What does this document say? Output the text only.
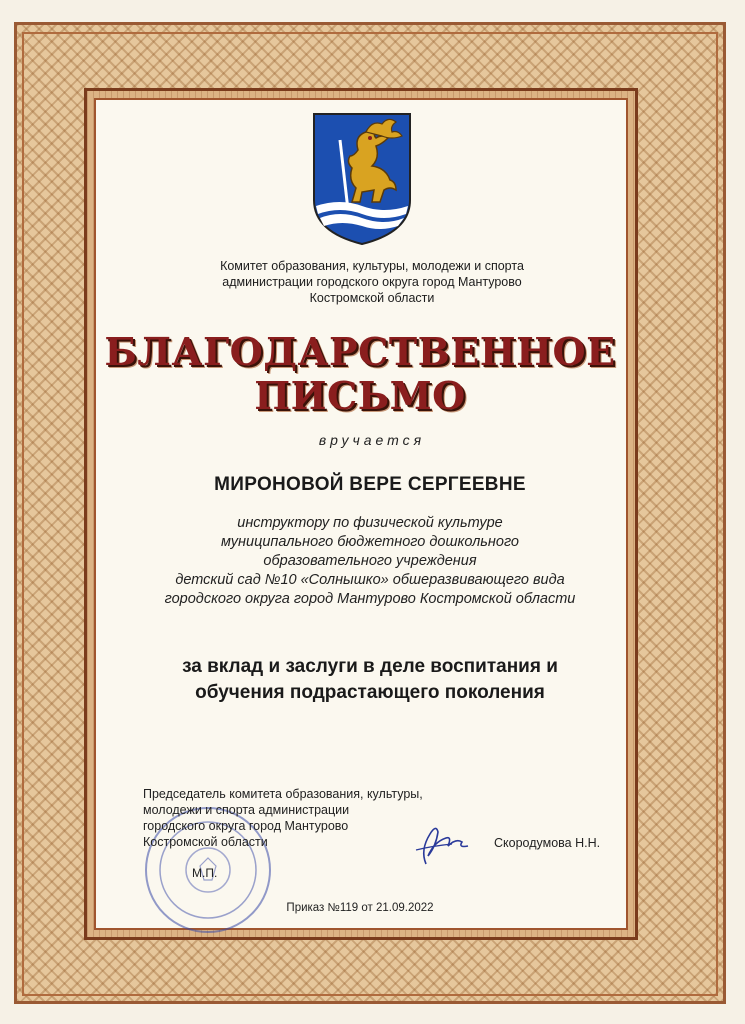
Комитет образования, культуры, молодежи и спорта
администрации городского округа город Мантурово
Костромской области
БЛАГОДАРСТВЕННОЕ
ПИСЬМО
вручается
МИРОНОВОЙ ВЕРЕ СЕРГЕЕВНЕ
инструктору по физической культуре
муниципального бюджетного дошкольного
образовательного учреждения
детский сад №10 «Солнышко» обшеразвивающего вида
городского округа город Мантурово Костромской области
за вклад и заслуги в деле воспитания и
обучения подрастающего поколения
Председатель комитета образования, культуры,
молодежи и спорта администрации
городского округа город Мантурово
Костромской области	Скородумова Н.Н.
М.П.
Приказ №119 от 21.09.2022
